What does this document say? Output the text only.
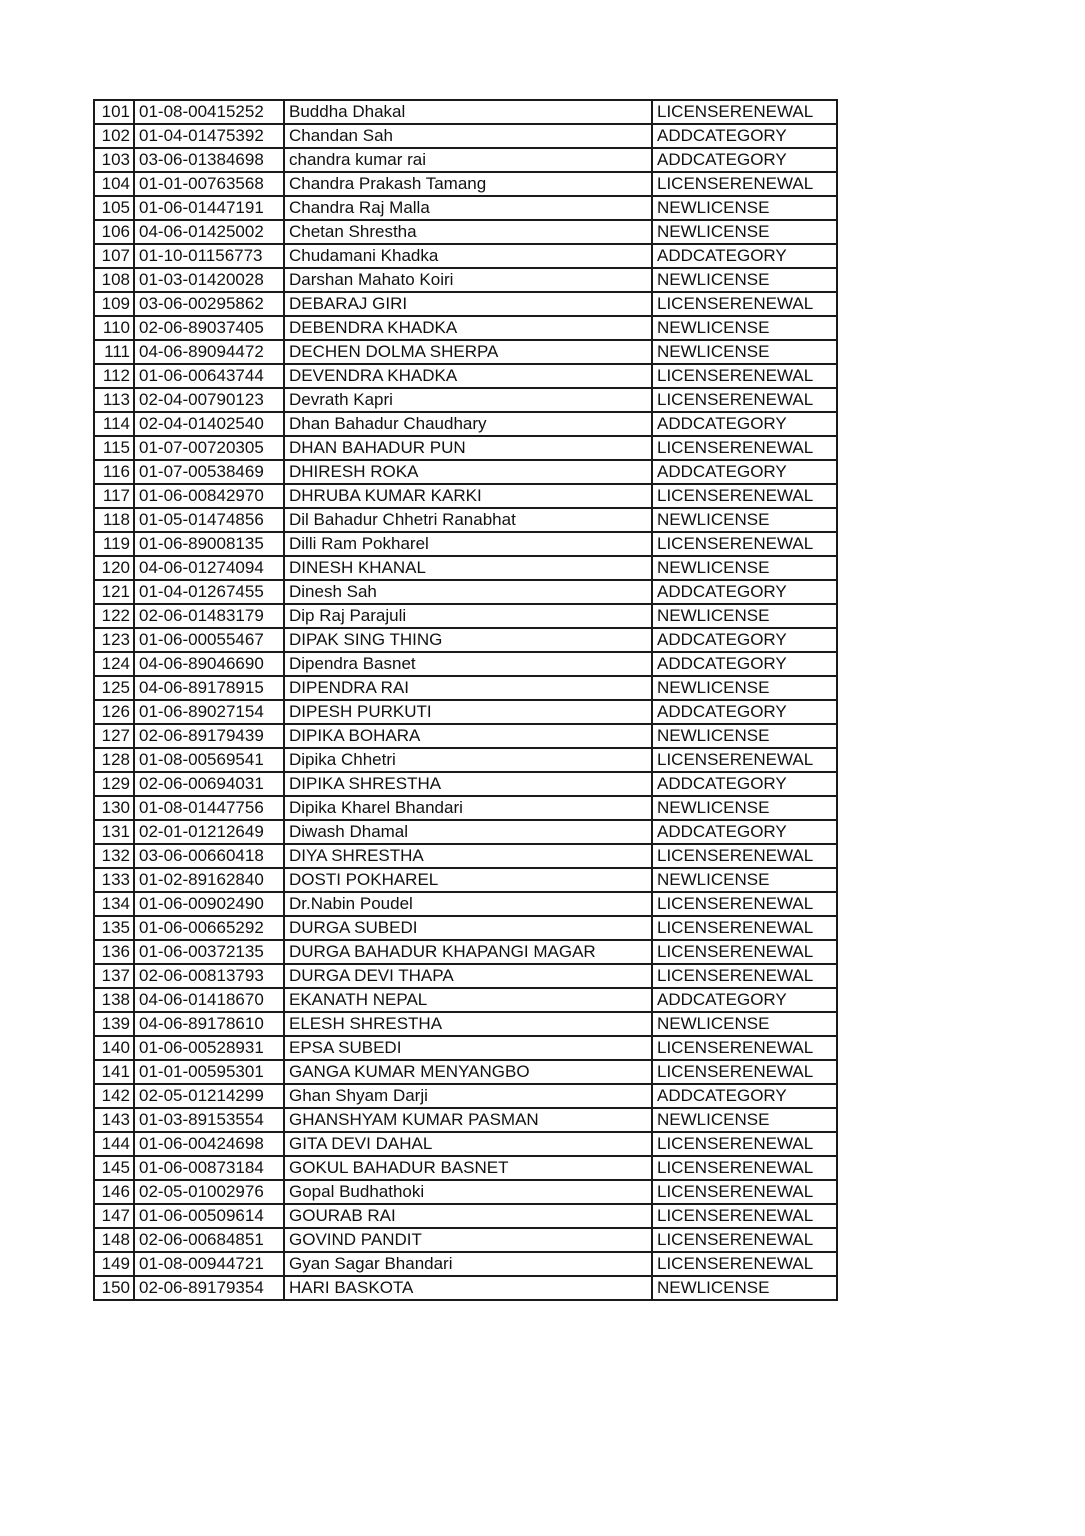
101	01-08-00415252	Buddha Dhakal	LICENSERENEWAL
102	01-04-01475392	Chandan Sah	ADDCATEGORY
103	03-06-01384698	chandra kumar rai	ADDCATEGORY
104	01-01-00763568	Chandra Prakash Tamang	LICENSERENEWAL
105	01-06-01447191	Chandra Raj Malla	NEWLICENSE
106	04-06-01425002	Chetan Shrestha	NEWLICENSE
107	01-10-01156773	Chudamani Khadka	ADDCATEGORY
108	01-03-01420028	Darshan Mahato Koiri	NEWLICENSE
109	03-06-00295862	DEBARAJ GIRI	LICENSERENEWAL
110	02-06-89037405	DEBENDRA KHADKA	NEWLICENSE
111	04-06-89094472	DECHEN DOLMA SHERPA	NEWLICENSE
112	01-06-00643744	DEVENDRA KHADKA	LICENSERENEWAL
113	02-04-00790123	Devrath Kapri	LICENSERENEWAL
114	02-04-01402540	Dhan Bahadur Chaudhary	ADDCATEGORY
115	01-07-00720305	DHAN BAHADUR PUN	LICENSERENEWAL
116	01-07-00538469	DHIRESH ROKA	ADDCATEGORY
117	01-06-00842970	DHRUBA KUMAR KARKI	LICENSERENEWAL
118	01-05-01474856	Dil Bahadur Chhetri Ranabhat	NEWLICENSE
119	01-06-89008135	Dilli Ram Pokharel	LICENSERENEWAL
120	04-06-01274094	DINESH KHANAL	NEWLICENSE
121	01-04-01267455	Dinesh Sah	ADDCATEGORY
122	02-06-01483179	Dip Raj Parajuli	NEWLICENSE
123	01-06-00055467	DIPAK SING THING	ADDCATEGORY
124	04-06-89046690	Dipendra Basnet	ADDCATEGORY
125	04-06-89178915	DIPENDRA RAI	NEWLICENSE
126	01-06-89027154	DIPESH PURKUTI	ADDCATEGORY
127	02-06-89179439	DIPIKA BOHARA	NEWLICENSE
128	01-08-00569541	Dipika Chhetri	LICENSERENEWAL
129	02-06-00694031	DIPIKA SHRESTHA	ADDCATEGORY
130	01-08-01447756	Dipika Kharel Bhandari	NEWLICENSE
131	02-01-01212649	Diwash Dhamal	ADDCATEGORY
132	03-06-00660418	DIYA SHRESTHA	LICENSERENEWAL
133	01-02-89162840	DOSTI POKHAREL	NEWLICENSE
134	01-06-00902490	Dr.Nabin Poudel	LICENSERENEWAL
135	01-06-00665292	DURGA SUBEDI	LICENSERENEWAL
136	01-06-00372135	DURGA BAHADUR KHAPANGI MAGAR	LICENSERENEWAL
137	02-06-00813793	DURGA DEVI THAPA	LICENSERENEWAL
138	04-06-01418670	EKANATH NEPAL	ADDCATEGORY
139	04-06-89178610	ELESH SHRESTHA	NEWLICENSE
140	01-06-00528931	EPSA SUBEDI	LICENSERENEWAL
141	01-01-00595301	GANGA KUMAR MENYANGBO	LICENSERENEWAL
142	02-05-01214299	Ghan Shyam Darji	ADDCATEGORY
143	01-03-89153554	GHANSHYAM KUMAR PASMAN	NEWLICENSE
144	01-06-00424698	GITA DEVI DAHAL	LICENSERENEWAL
145	01-06-00873184	GOKUL BAHADUR BASNET	LICENSERENEWAL
146	02-05-01002976	Gopal Budhathoki	LICENSERENEWAL
147	01-06-00509614	GOURAB RAI	LICENSERENEWAL
148	02-06-00684851	GOVIND PANDIT	LICENSERENEWAL
149	01-08-00944721	Gyan Sagar Bhandari	LICENSERENEWAL
150	02-06-89179354	HARI BASKOTA	NEWLICENSE
